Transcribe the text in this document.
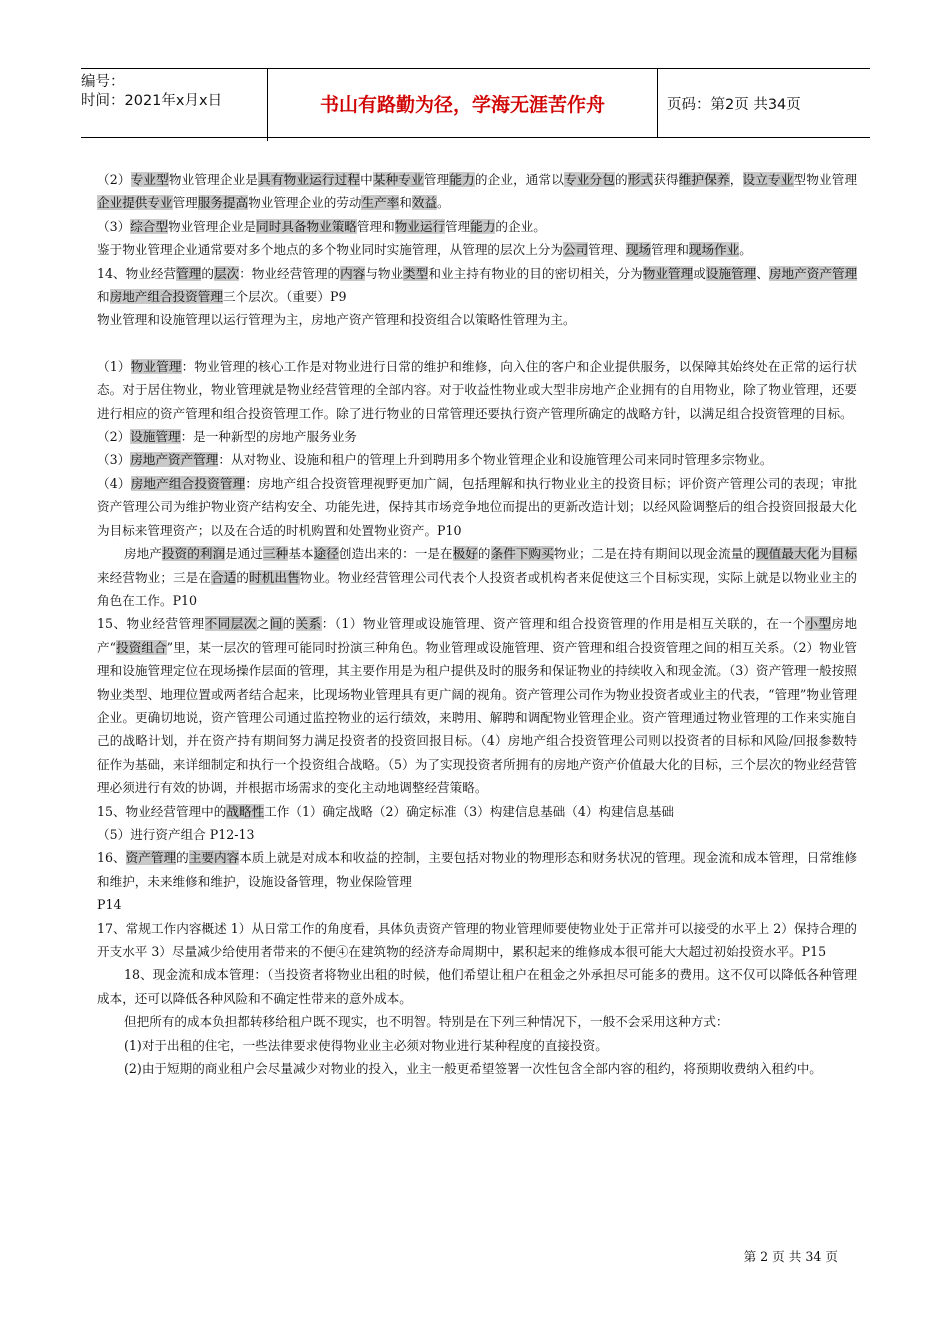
编号：
时间：2021年x月x日	书山有路勤为径，学海无涯苦作舟	页码：第2页 共34页

（2）专业型物业管理企业是具有物业运行过程中某种专业管理能力的企业，通常以专业分包的形式获得维护保养，设立专业型物业管理企业提供专业管理服务提高物业管理企业的劳动生产率和效益。

（3）综合型物业管理企业是同时具备物业策略管理和物业运行管理能力的企业。

鉴于物业管理企业通常要对多个地点的多个物业同时实施管理，从管理的层次上分为公司管理、现场管理和现场作业。

14、物业经营管理的层次：物业经营管理的内容与物业类型和业主持有物业的目的密切相关，分为物业管理或设施管理、房地产资产管理和房地产组合投资管理三个层次。（重要）P9

物业管理和设施管理以运行管理为主，房地产资产管理和投资组合以策略性管理为主。

（1）物业管理：物业管理的核心工作是对物业进行日常的维护和维修，向入住的客户和企业提供服务，以保障其始终处在正常的运行状态。对于居住物业，物业管理就是物业经营管理的全部内容。对于收益性物业或大型非房地产企业拥有的自用物业，除了物业管理，还要进行相应的资产管理和组合投资管理工作。除了进行物业的日常管理还要执行资产管理所确定的战略方针，以满足组合投资管理的目标。

（2）设施管理：是一种新型的房地产服务业务

（3）房地产资产管理：从对物业、设施和租户的管理上升到聘用多个物业管理企业和设施管理公司来同时管理多宗物业。

（4）房地产组合投资管理：房地产组合投资管理视野更加广阔，包括理解和执行物业业主的投资目标；评价资产管理公司的表现；审批资产管理公司为维护物业资产结构安全、功能先进，保持其市场竞争地位而提出的更新改造计划；以经风险调整后的组合投资回报最大化为目标来管理资产；以及在合适的时机购置和处置物业资产。P10

房地产投资的利润是通过三种基本途径创造出来的：一是在极好的条件下购买物业；二是在持有期间以现金流量的现值最大化为目标来经营物业；三是在合适的时机出售物业。物业经营管理公司代表个人投资者或机构者来促使这三个目标实现，实际上就是以物业业主的角色在工作。P10

15、物业经营管理不同层次之间的关系：（1）物业管理或设施管理、资产管理和组合投资管理的作用是相互关联的，在一个小型房地产“投资组合”里，某一层次的管理可能同时扮演三种角色。物业管理或设施管理、资产管理和组合投资管理之间的相互关系。（2）物业管理和设施管理定位在现场操作层面的管理，其主要作用是为租户提供及时的服务和保证物业的持续收入和现金流。（3）资产管理一般按照物业类型、地理位置或两者结合起来，比现场物业管理具有更广阔的视角。资产管理公司作为物业投资者或业主的代表，“管理”物业管理企业。更确切地说，资产管理公司通过监控物业的运行绩效，来聘用、解聘和调配物业管理企业。资产管理通过物业管理的工作来实施自己的战略计划，并在资产持有期间努力满足投资者的投资回报目标。（4）房地产组合投资管理公司则以投资者的目标和风险/回报参数特征作为基础，来详细制定和执行一个投资组合战略。（5）为了实现投资者所拥有的房地产资产价值最大化的目标，三个层次的物业经营管理必须进行有效的协调，并根据市场需求的变化主动地调整经营策略。

15、物业经营管理中的战略性工作（1）确定战略（2）确定标准（3）构建信息基础（4）构建信息基础

（5）进行资产组合 P12-13

16、资产管理的主要内容本质上就是对成本和收益的控制，主要包括对物业的物理形态和财务状况的管理。现金流和成本管理，日常维修和维护，未来维修和维护，设施设备管理，物业保险管理

P14

17、常规工作内容概述 1）从日常工作的角度看，具体负责资产管理的物业管理师要使物业处于正常并可以接受的水平上 2）保持合理的开支水平 3）尽量减少给使用者带来的不便④在建筑物的经济寿命周期中，累积起来的维修成本很可能大大超过初始投资水平。P15

18、现金流和成本管理：（当投资者将物业出租的时候，他们希望让租户在租金之外承担尽可能多的费用。这不仅可以降低各种管理成本，还可以降低各种风险和不确定性带来的意外成本。

但把所有的成本负担都转移给租户既不现实，也不明智。特别是在下列三种情况下，一般不会采用这种方式：

(1)对于出租的住宅，一些法律要求使得物业业主必须对物业进行某种程度的直接投资。

(2)由于短期的商业租户会尽量减少对物业的投入，业主一般更希望签署一次性包含全部内容的租约，将预期收费纳入租约中。

第 2 页 共 34 页
